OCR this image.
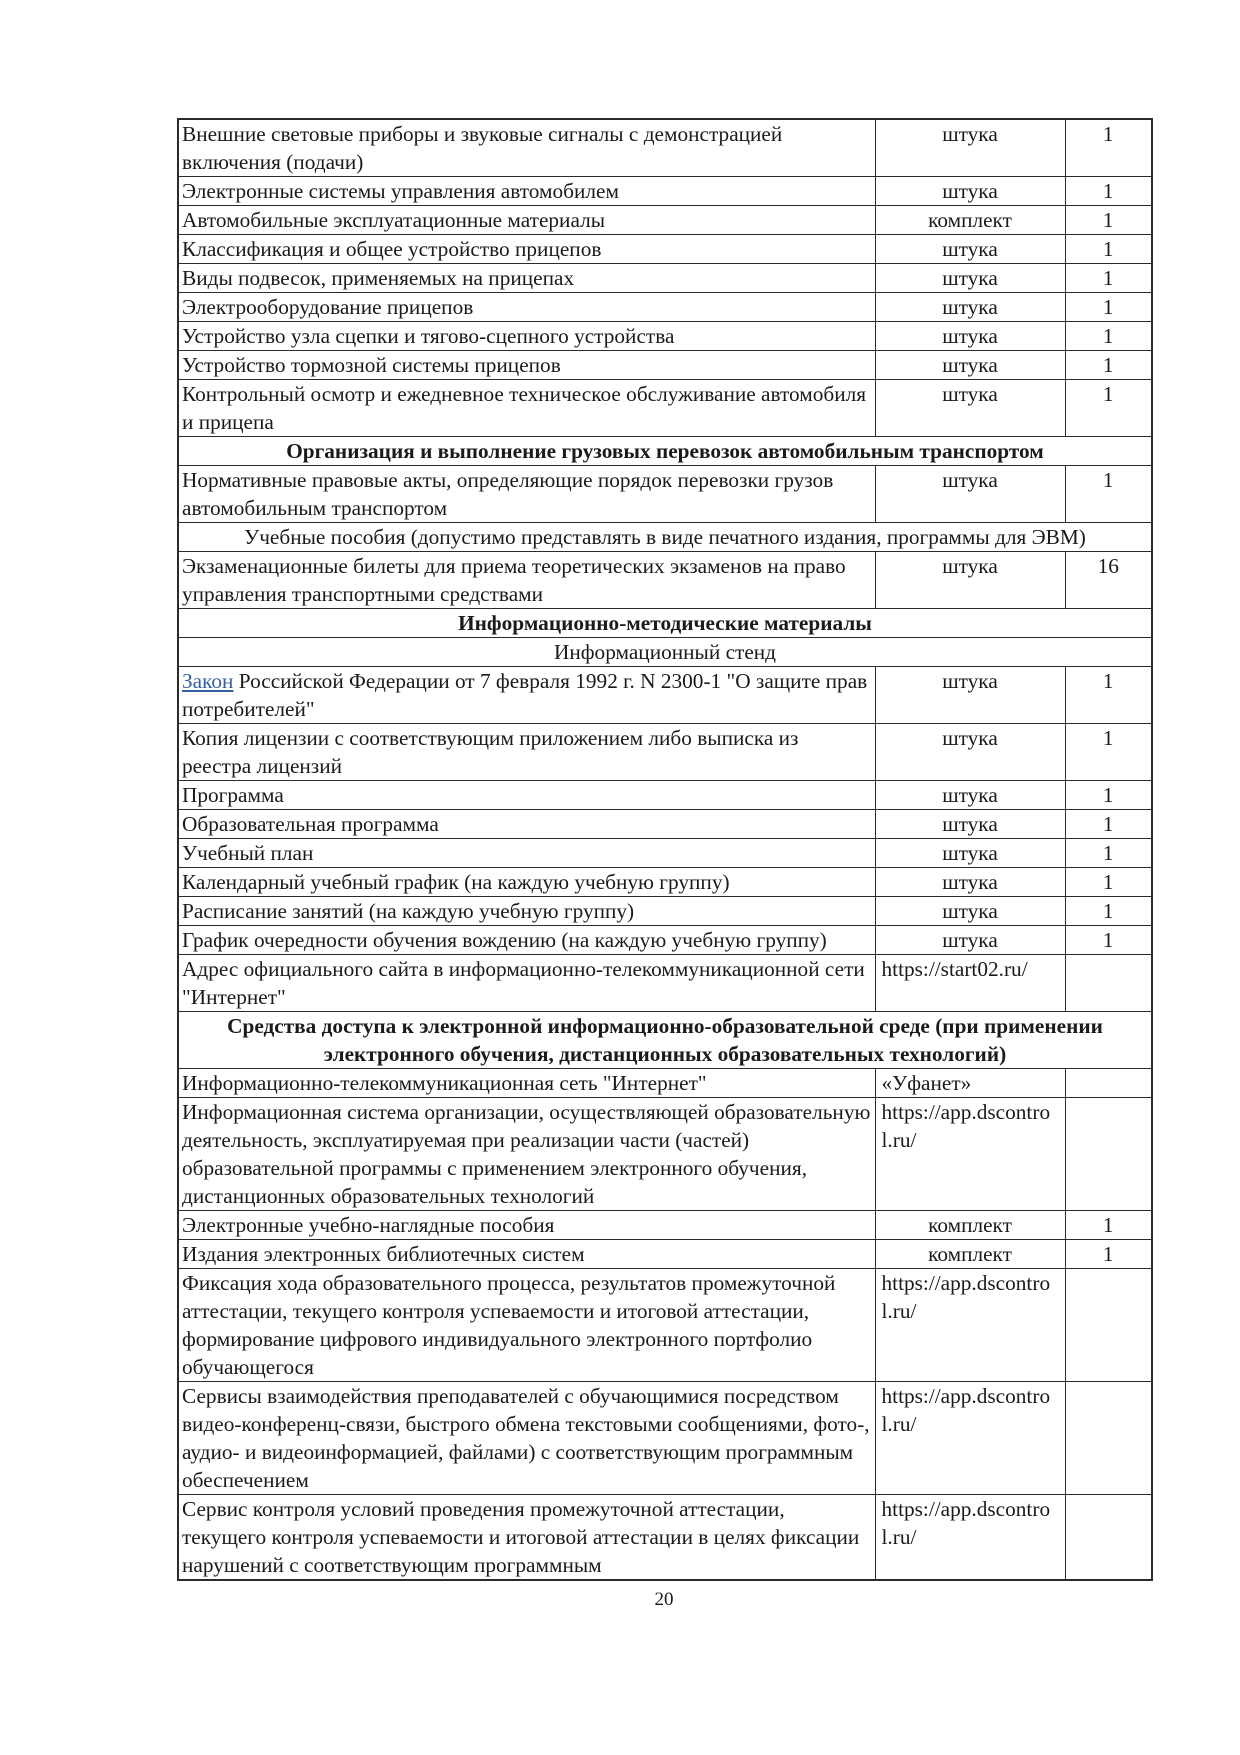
Внешние световые приборы и звуковые сигналы с демонстрацией включения (подачи)	штука	1
Электронные системы управления автомобилем	штука	1
Автомобильные эксплуатационные материалы	комплект	1
Классификация и общее устройство прицепов	штука	1
Виды подвесок, применяемых на прицепах	штука	1
Электрооборудование прицепов	штука	1
Устройство узла сцепки и тягово-сцепного устройства	штука	1
Устройство тормозной системы прицепов	штука	1
Контрольный осмотр и ежедневное техническое обслуживание автомобиля и прицепа	штука	1
Организация и выполнение грузовых перевозок автомобильным транспортом		
Нормативные правовые акты, определяющие порядок перевозки грузов автомобильным транспортом	штука	1
Учебные пособия (допустимо представлять в виде печатного издания, программы для ЭВМ)		
Экзаменационные билеты для приема теоретических экзаменов на право управления транспортными средствами	штука	16
Информационно-методические материалы		
Информационный стенд		
Закон Российской Федерации от 7 февраля 1992 г. N 2300-1 "О защите прав потребителей"	штука	1
Копия лицензии с соответствующим приложением либо выписка из реестра лицензий	штука	1
Программа	штука	1
Образовательная программа	штука	1
Учебный план	штука	1
Календарный учебный график (на каждую учебную группу)	штука	1
Расписание занятий (на каждую учебную группу)	штука	1
График очередности обучения вождению (на каждую учебную группу)	штука	1
Адрес официального сайта в информационно-телекоммуникационной сети "Интернет"	https://start02.ru/	
Средства доступа к электронной информационно-образовательной среде (при применении электронного обучения, дистанционных образовательных технологий)		
Информационно-телекоммуникационная сеть "Интернет"	«Уфанет»	
Информационная система организации, осуществляющей образовательную деятельность, эксплуатируемая при реализации части (частей) образовательной программы с применением электронного обучения, дистанционных образовательных технологий	https://app.dscontrol.ru/	
Электронные учебно-наглядные пособия	комплект	1
Издания электронных библиотечных систем	комплект	1
Фиксация хода образовательного процесса, результатов промежуточной аттестации, текущего контроля успеваемости и итоговой аттестации, формирование цифрового индивидуального электронного портфолио обучающегося	https://app.dscontrol.ru/	
Сервисы взаимодействия преподавателей с обучающимися посредством видео-конференц-связи, быстрого обмена текстовыми сообщениями, фото-, аудио- и видеоинформацией, файлами) с соответствующим программным обеспечением	https://app.dscontrol.ru/	
Сервис контроля условий проведения промежуточной аттестации, текущего контроля успеваемости и итоговой аттестации в целях фиксации нарушений с соответствующим программным	https://app.dscontrol.ru/	
20
